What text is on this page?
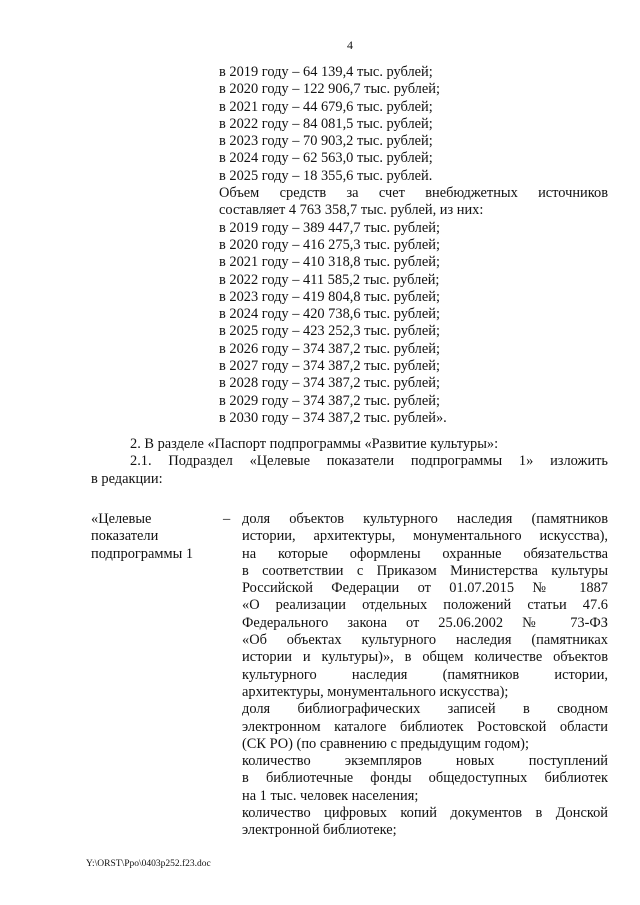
4
в 2019 году – 64 139,4 тыс. рублей;
в 2020 году – 122 906,7 тыс. рублей;
в 2021 году – 44 679,6 тыс. рублей;
в 2022 году – 84 081,5 тыс. рублей;
в 2023 году – 70 903,2 тыс. рублей;
в 2024 году – 62 563,0 тыс. рублей;
в 2025 году – 18 355,6 тыс. рублей.
Объем средств за счет внебюджетных источников
составляет 4 763 358,7 тыс. рублей, из них:
в 2019 году – 389 447,7 тыс. рублей;
в 2020 году – 416 275,3 тыс. рублей;
в 2021 году – 410 318,8 тыс. рублей;
в 2022 году – 411 585,2 тыс. рублей;
в 2023 году – 419 804,8 тыс. рублей;
в 2024 году – 420 738,6 тыс. рублей;
в 2025 году – 423 252,3 тыс. рублей;
в 2026 году – 374 387,2 тыс. рублей;
в 2027 году – 374 387,2 тыс. рублей;
в 2028 году – 374 387,2 тыс. рублей;
в 2029 году – 374 387,2 тыс. рублей;
в 2030 году – 374 387,2 тыс. рублей».
2. В разделе «Паспорт подпрограммы «Развитие культуры»:
2.1. Подраздел «Целевые показатели подпрограммы 1» изложить
в редакции:
«Целевые
показатели
подпрограммы 1
– доля объектов культурного наследия (памятников
истории, архитектуры, монументального искусства),
на которые оформлены охранные обязательства
в соответствии с Приказом Министерства культуры
Российской Федерации от 01.07.2015 № 1887
«О реализации отдельных положений статьи 47.6
Федерального закона от 25.06.2002 № 73-ФЗ
«Об объектах культурного наследия (памятниках
истории и культуры)», в общем количестве объектов
культурного наследия (памятников истории,
архитектуры, монументального искусства);
доля библиографических записей в сводном
электронном каталоге библиотек Ростовской области
(СК РО) (по сравнению с предыдущим годом);
количество экземпляров новых поступлений
в библиотечные фонды общедоступных библиотек
на 1 тыс. человек населения;
количество цифровых копий документов в Донской
электронной библиотеке;
Y:\ORST\Ppo\0403p252.f23.doc
